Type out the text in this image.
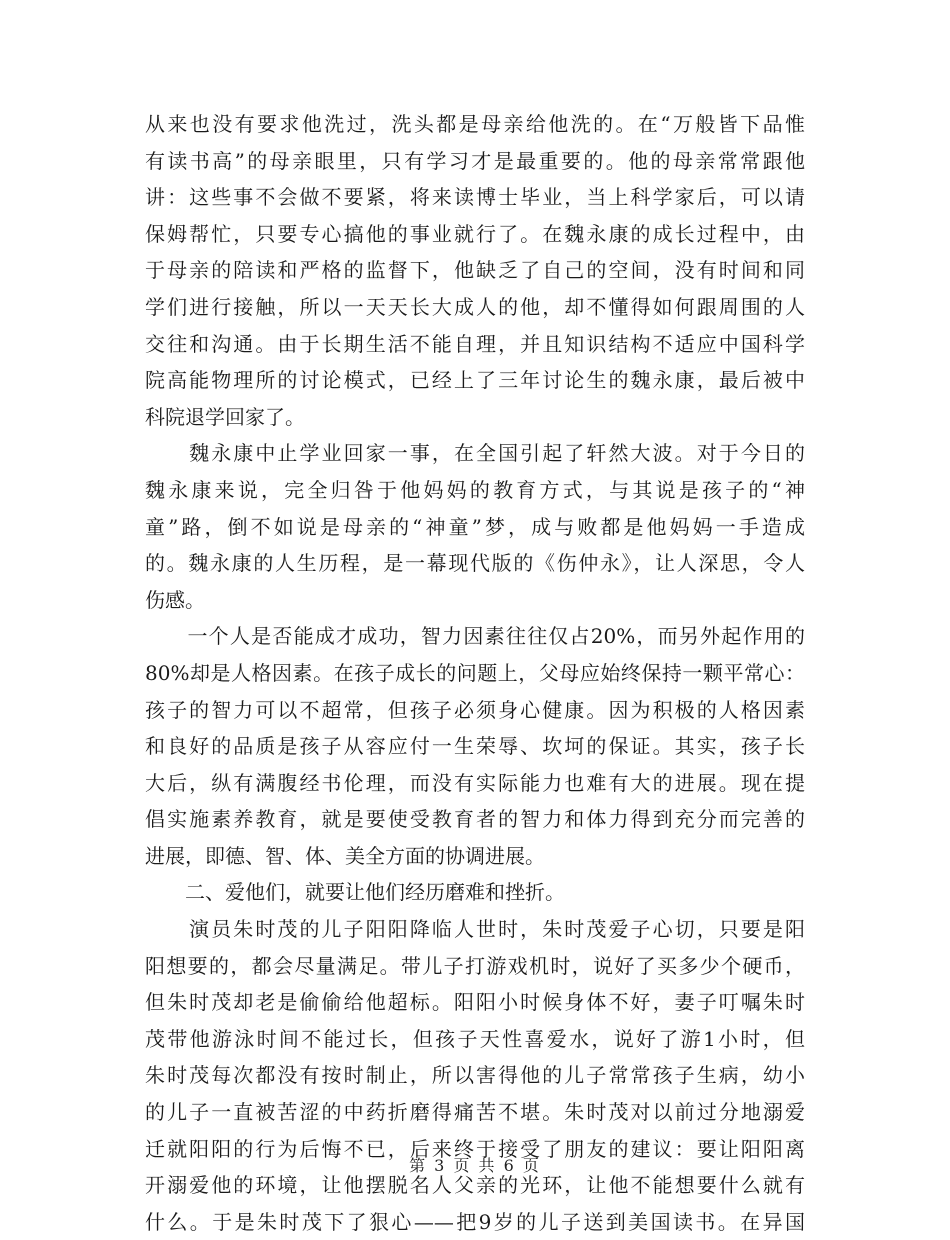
从来也没有要求他洗过，洗头都是母亲给他洗的。在“万般皆下品惟
有读书高”的母亲眼里，只有学习才是最重要的。他的母亲常常跟他
讲：这些事不会做不要紧，将来读博士毕业，当上科学家后，可以请
保姆帮忙，只要专心搞他的事业就行了。在魏永康的成长过程中，由
于母亲的陪读和严格的监督下，他缺乏了自己的空间，没有时间和同
学们进行接触，所以一天天长大成人的他，却不懂得如何跟周围的人
交往和沟通。由于长期生活不能自理，并且知识结构不适应中国科学
院高能物理所的讨论模式，已经上了三年讨论生的魏永康，最后被中
科院退学回家了。
　　魏永康中止学业回家一事，在全国引起了轩然大波。对于今日的
魏永康来说，完全归咎于他妈妈的教育方式，与其说是孩子的“神
童”路，倒不如说是母亲的“神童”梦，成与败都是他妈妈一手造成
的。魏永康的人生历程，是一幕现代版的《伤仲永》，让人深思，令人
伤感。
　　一个人是否能成才成功，智力因素往往仅占20%，而另外起作用的
80%却是人格因素。在孩子成长的问题上，父母应始终保持一颗平常心：
孩子的智力可以不超常，但孩子必须身心健康。因为积极的人格因素
和良好的品质是孩子从容应付一生荣辱、坎坷的保证。其实，孩子长
大后，纵有满腹经书伦理，而没有实际能力也难有大的进展。现在提
倡实施素养教育，就是要使受教育者的智力和体力得到充分而完善的
进展，即德、智、体、美全方面的协调进展。
　　二、爱他们，就要让他们经历磨难和挫折。
　　演员朱时茂的儿子阳阳降临人世时，朱时茂爱子心切，只要是阳
阳想要的，都会尽量满足。带儿子打游戏机时，说好了买多少个硬币，
但朱时茂却老是偷偷给他超标。阳阳小时候身体不好，妻子叮嘱朱时
茂带他游泳时间不能过长，但孩子天性喜爱水，说好了游1小时，但
朱时茂每次都没有按时制止，所以害得他的儿子常常孩子生病，幼小
的儿子一直被苦涩的中药折磨得痛苦不堪。朱时茂对以前过分地溺爱
迁就阳阳的行为后悔不已，后来终于接受了朋友的建议：要让阳阳离
开溺爱他的环境，让他摆脱名人父亲的光环，让他不能想要什么就有
什么。于是朱时茂下了狠心——把9岁的儿子送到美国读书。在异国
第 3 页 共 6 页
